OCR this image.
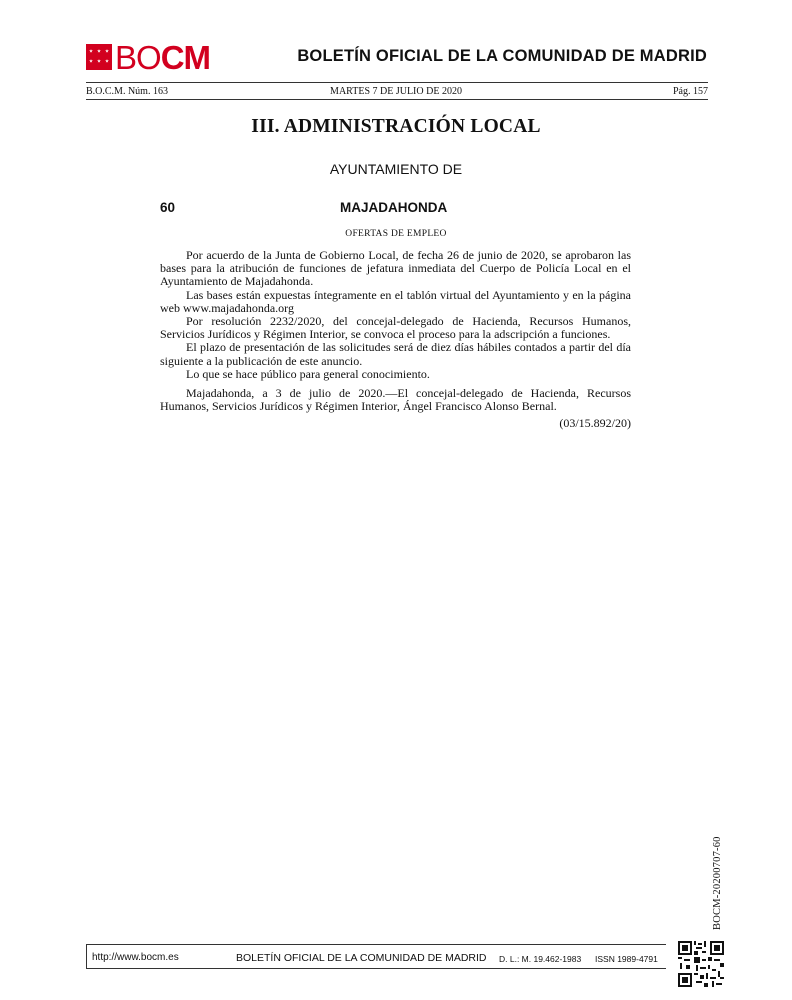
BOCM	BOLETÍN OFICIAL DE LA COMUNIDAD DE MADRID
B.O.C.M. Núm. 163	MARTES 7 DE JULIO DE 2020	Pág. 157
III. ADMINISTRACIÓN LOCAL
AYUNTAMIENTO DE
60	MAJADAHONDA
OFERTAS DE EMPLEO

Por acuerdo de la Junta de Gobierno Local, de fecha 26 de junio de 2020, se aprobaron las bases para la atribución de funciones de jefatura inmediata del Cuerpo de Policía Local en el Ayuntamiento de Majadahonda.

Las bases están expuestas íntegramente en el tablón virtual del Ayuntamiento y en la página web www.majadahonda.org

Por resolución 2232/2020, del concejal-delegado de Hacienda, Recursos Humanos, Servicios Jurídicos y Régimen Interior, se convoca el proceso para la adscripción a funciones.

El plazo de presentación de las solicitudes será de diez días hábiles contados a partir del día siguiente a la publicación de este anuncio.

Lo que se hace público para general conocimiento.

Majadahonda, a 3 de julio de 2020.—El concejal-delegado de Hacienda, Recursos Humanos, Servicios Jurídicos y Régimen Interior, Ángel Francisco Alonso Bernal.

(03/15.892/20)
BOCM-20200707-60
http://www.bocm.es	BOLETÍN OFICIAL DE LA COMUNIDAD DE MADRID D. L.: M. 19.462-1983 ISSN 1989-4791
